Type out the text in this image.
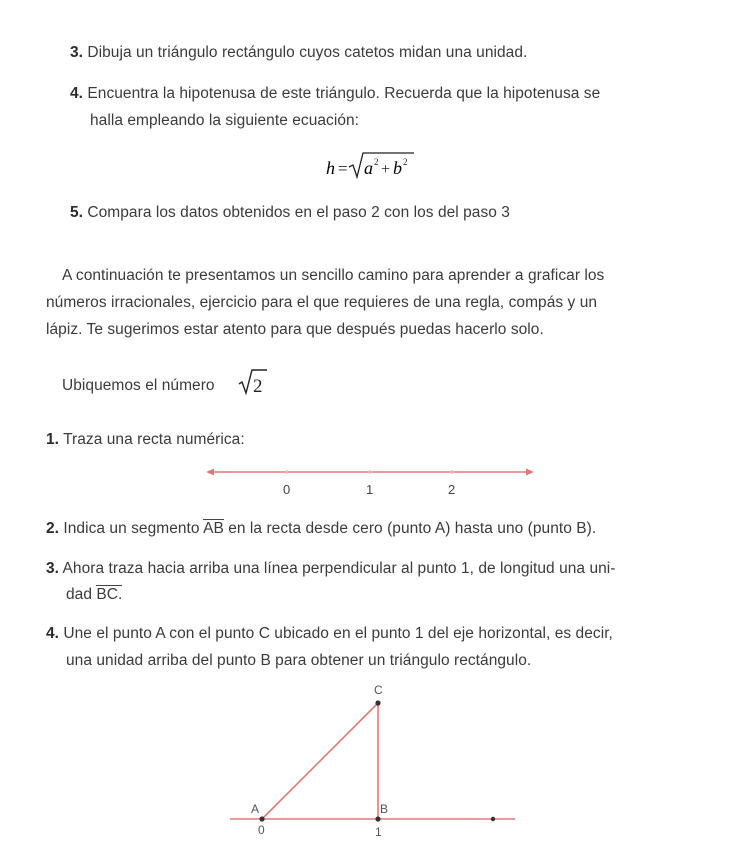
3. Dibuja un triángulo rectángulo cuyos catetos midan una unidad.
4. Encuentra la hipotenusa de este triángulo. Recuerda que la hipotenusa se
halla empleando la siguiente ecuación:
h = a 2 + b 2
5. Compara los datos obtenidos en el paso 2 con los del paso 3
A continuación te presentamos un sencillo camino para aprender a graficar los
números irracionales, ejercicio para el que requieres de una regla, compás y un
lápiz. Te sugerimos estar atento para que después puedas hacerlo solo.
Ubiquemos el número 2
1. Traza una recta numérica:
0	1	2
2. Indica un segmento AB en la recta desde cero (punto A) hasta uno (punto B).
3. Ahora traza hacia arriba una línea perpendicular al punto 1, de longitud una uni-
dad BC.
4. Une el punto A con el punto C ubicado en el punto 1 del eje horizontal, es decir,
una unidad arriba del punto B para obtener un triángulo rectángulo.
C
A	B
0	1
